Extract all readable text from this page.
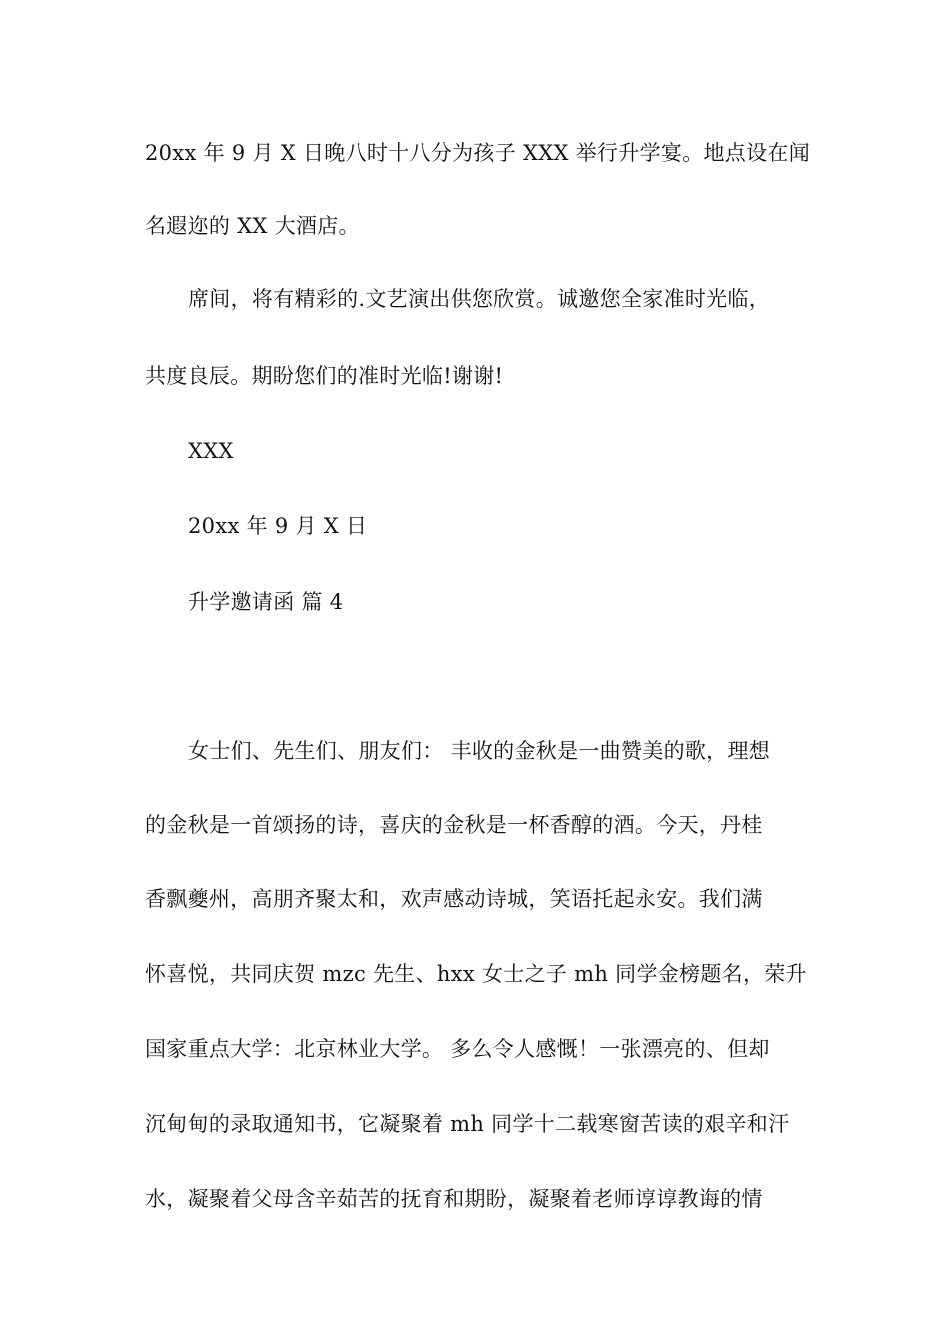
20xx 年 9 月 X 日晚八时十八分为孩子 XXX 举行升学宴。地点设在闻
名遐迩的 XX 大酒店。
席间，将有精彩的.文艺演出供您欣赏。诚邀您全家准时光临，
共度良辰。期盼您们的准时光临!谢谢!
XXX
20xx 年 9 月 X 日
升学邀请函 篇 4
女士们、先生们、朋友们： 丰收的金秋是一曲赞美的歌，理想
的金秋是一首颂扬的诗，喜庆的金秋是一杯香醇的酒。今天，丹桂
香飘夔州，高朋齐聚太和，欢声感动诗城，笑语托起永安。我们满
怀喜悦，共同庆贺 mzc 先生、hxx 女士之子 mh 同学金榜题名，荣升
国家重点大学：北京林业大学。 多么令人感慨！一张漂亮的、但却
沉甸甸的录取通知书，它凝聚着 mh 同学十二载寒窗苦读的艰辛和汗
水，凝聚着父母含辛茹苦的抚育和期盼，凝聚着老师谆谆教诲的情
